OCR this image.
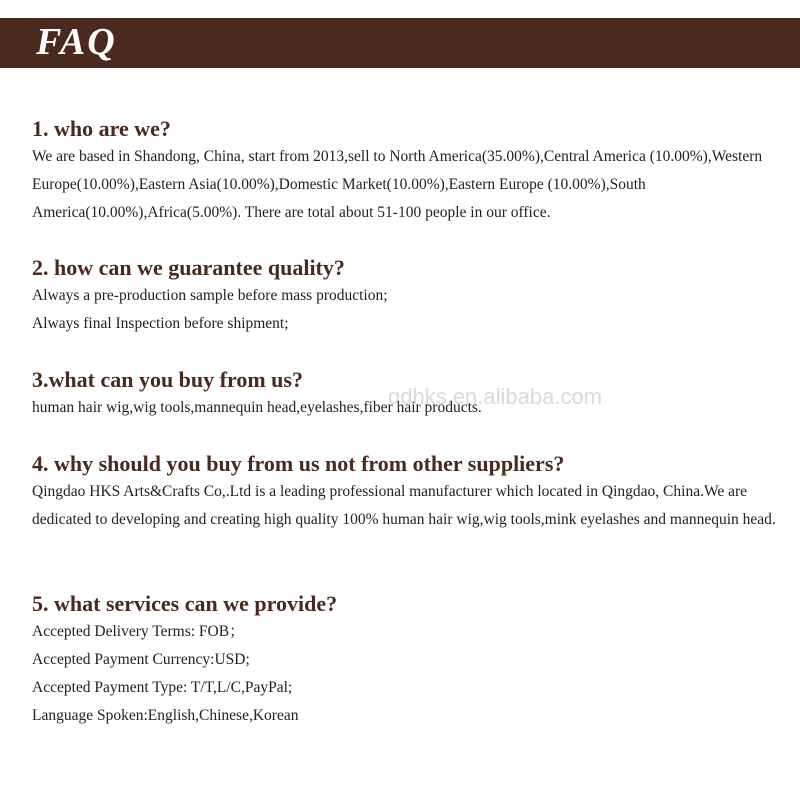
FAQ
1. who are we?

We are based in Shandong, China, start from 2013,sell to North America(35.00%),Central America (10.00%),Western Europe(10.00%),Eastern Asia(10.00%),Domestic Market(10.00%),Eastern Europe (10.00%),South America(10.00%),Africa(5.00%). There are total about 51-100 people in our office.

2. how can we guarantee quality?

Always a pre-production sample before mass production;

Always final Inspection before shipment;

3.what can you buy from us?

human hair wig,wig tools,mannequin head,eyelashes,fiber hair products.

4. why should you buy from us not from other suppliers?

Qingdao HKS Arts&Crafts Co,.Ltd is a leading professional manufacturer which located in Qingdao, China.We are dedicated to developing and creating high quality 100% human hair wig,wig tools,mink eyelashes and mannequin head.

5. what services can we provide?

Accepted Delivery Terms: FOB；

Accepted Payment Currency:USD;

Accepted Payment Type: T/T,L/C,PayPal;

Language Spoken:English,Chinese,Korean

qdhks.en.alibaba.com
